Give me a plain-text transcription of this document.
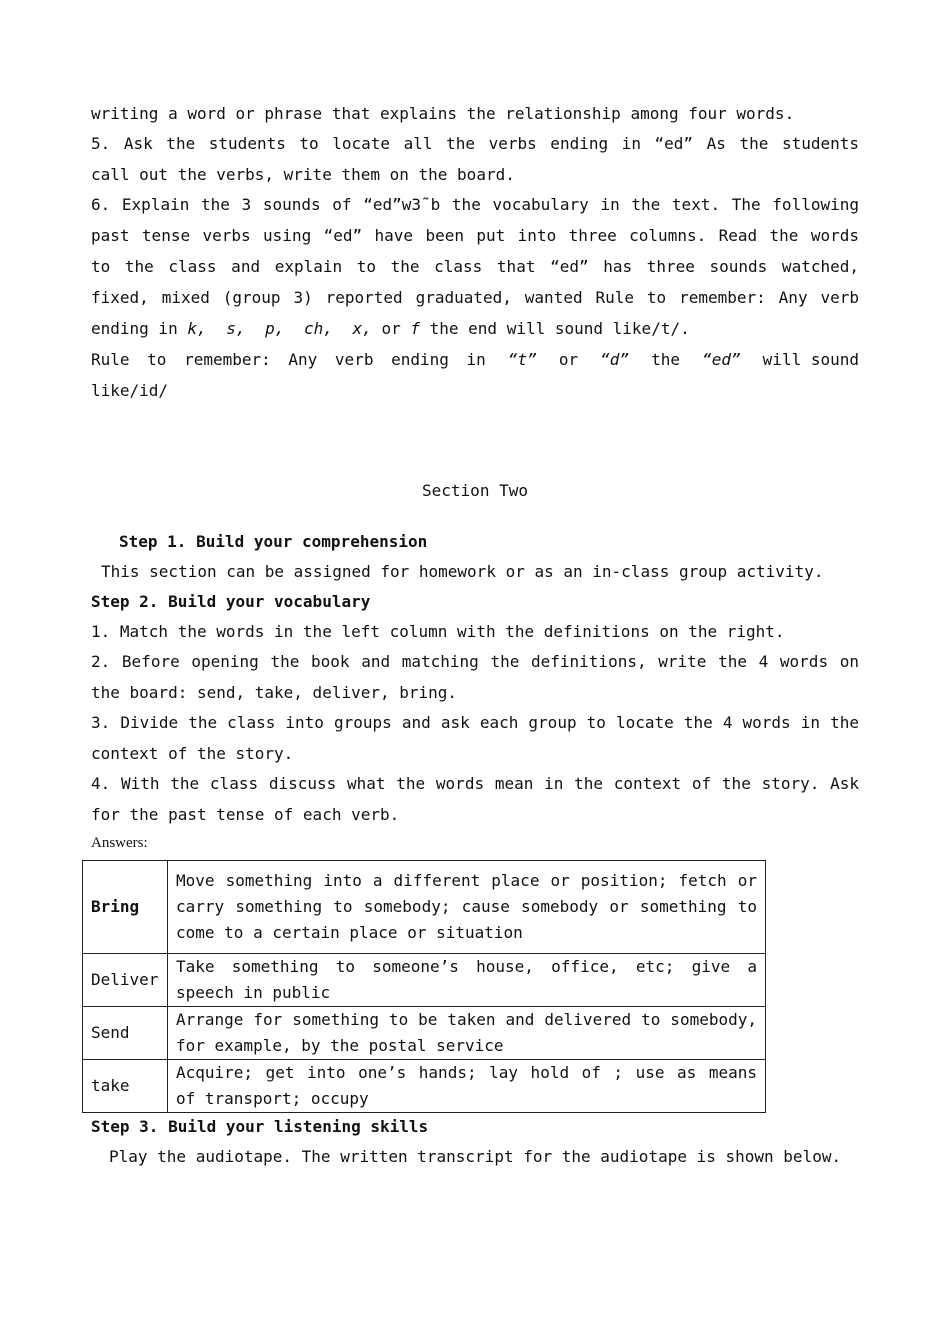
writing a word or phrase that explains the relationship among four words.

5. Ask the students to locate all the verbs ending in “ed” As the students
call out the verbs, write them on the board.

6. Explain the 3 sounds of “ed”w3˜b the vocabulary in the text. The following
past tense verbs using “ed” have been put into three columns. Read the words
to the class and explain to the class that “ed” has three sounds watched,
fixed, mixed (group 3) reported graduated, wanted Rule to remember: Any verb
ending in k, s, p, ch, x, or f the end will sound like/t/.

Rule to remember: Any verb ending in “t” or “d” the “ed” will sound
like/id/

Section Two
Step 1. Build your comprehension
This section can be assigned for homework or as an in-class group activity.
Step 2. Build your vocabulary

1. Match the words in the left column with the definitions on the right.

2. Before opening the book and matching the definitions, write the 4 words on
the board: send, take, deliver, bring.

3. Divide the class into groups and ask each group to locate the 4 words in the
context of the story.

4. With the class discuss what the words mean in the context of the story. Ask
for the past tense of each verb.

Answers:
Bring	Move something into a different place or position; fetch or
carry something to somebody; cause somebody or something to
come to a certain place or situation

Deliver	Take something to someone’s house, office, etc; give a
speech in public

Send	Arrange for something to be taken and delivered to somebody,
for example, by the postal service

take	Acquire; get into one’s hands; lay hold of ; use as means
of transport; occupy
Step 3. Build your listening skills
Play the audiotape. The written transcript for the audiotape is shown below.
